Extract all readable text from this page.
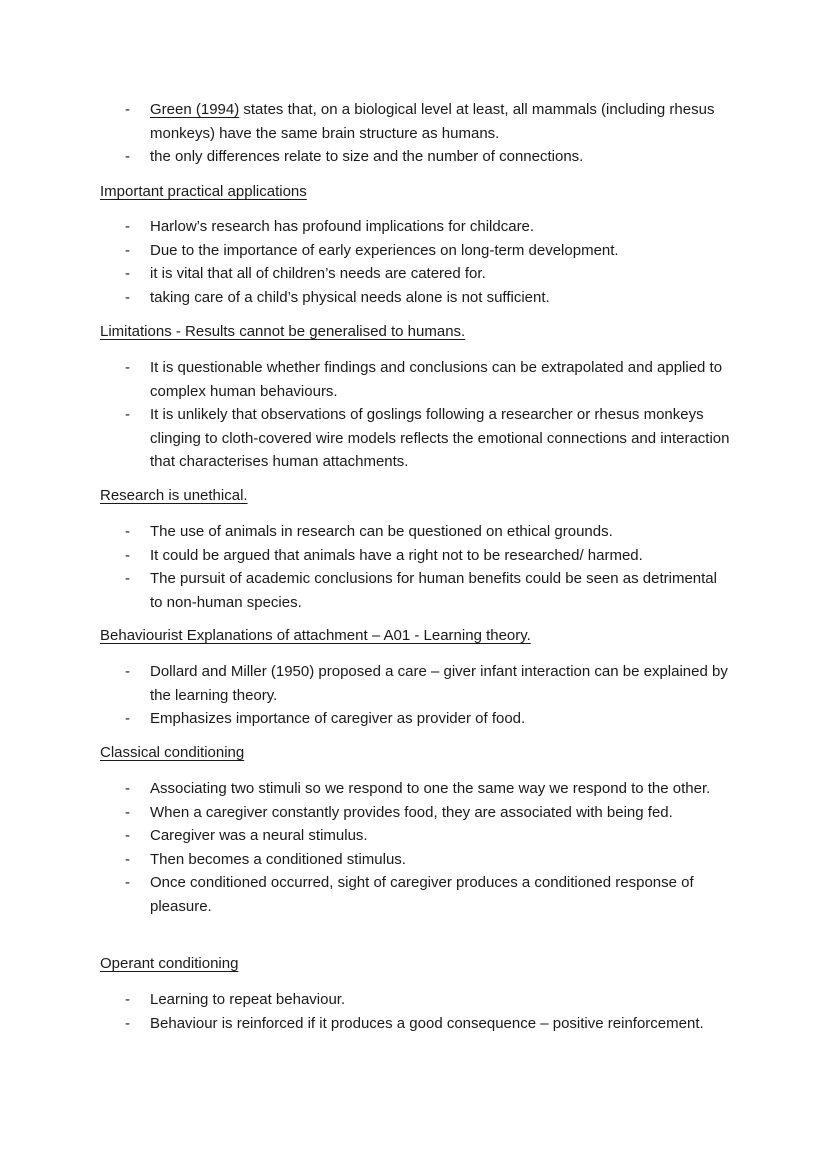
- Green (1994) states that, on a biological level at least, all mammals (including rhesus monkeys) have the same brain structure as humans.
- the only differences relate to size and the number of connections.
Important practical applications
- Harlow’s research has profound implications for childcare.
- Due to the importance of early experiences on long-term development.
- it is vital that all of children’s needs are catered for.
- taking care of a child’s physical needs alone is not sufficient.
Limitations - Results cannot be generalised to humans.
- It is questionable whether findings and conclusions can be extrapolated and applied to complex human behaviours.
- It is unlikely that observations of goslings following a researcher or rhesus monkeys clinging to cloth-covered wire models reflects the emotional connections and interaction that characterises human attachments.
Research is unethical.
- The use of animals in research can be questioned on ethical grounds.
- It could be argued that animals have a right not to be researched/ harmed.
- The pursuit of academic conclusions for human benefits could be seen as detrimental to non-human species.
Behaviourist Explanations of attachment – A01 - Learning theory.
- Dollard and Miller (1950) proposed a care – giver infant interaction can be explained by the learning theory.
- Emphasizes importance of caregiver as provider of food.
Classical conditioning
- Associating two stimuli so we respond to one the same way we respond to the other.
- When a caregiver constantly provides food, they are associated with being fed.
- Caregiver was a neural stimulus.
- Then becomes a conditioned stimulus.
- Once conditioned occurred, sight of caregiver produces a conditioned response of pleasure.
Operant conditioning
- Learning to repeat behaviour.
- Behaviour is reinforced if it produces a good consequence – positive reinforcement.
